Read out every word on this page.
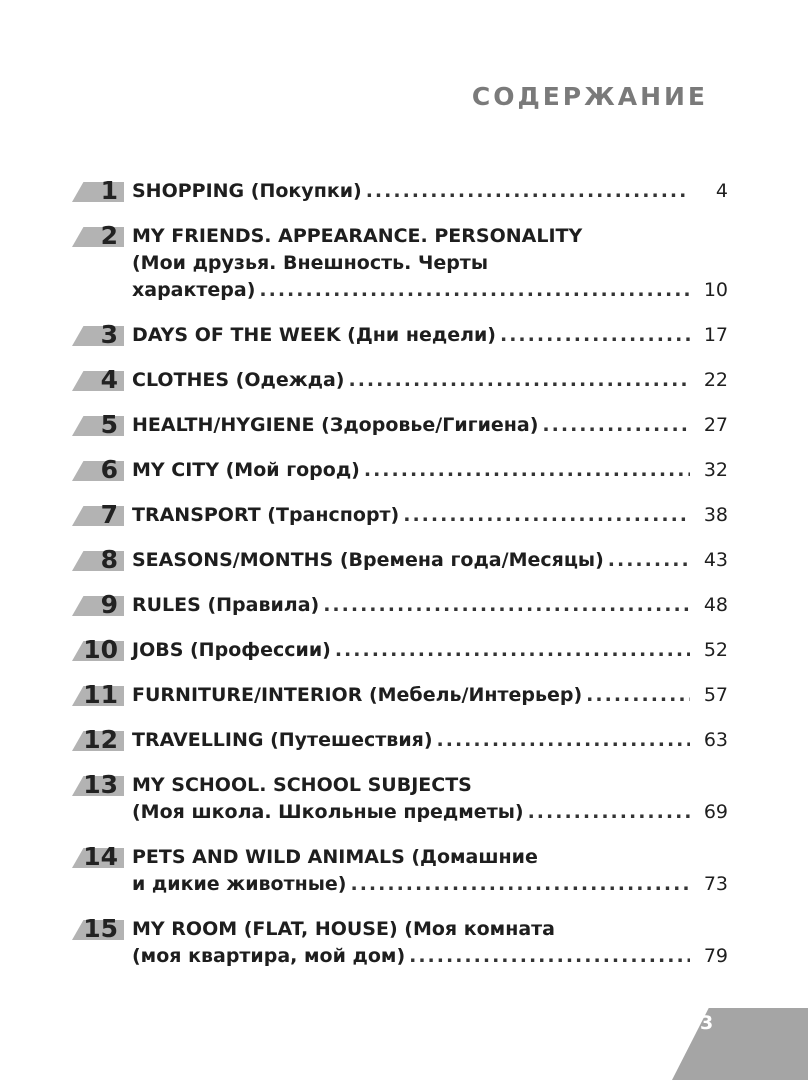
СОДЕРЖАНИЕ
1 SHOPPING (Покупки) .....	4
2 MY FRIENDS. APPEARANCE. PERSONALITY
(Мои друзья. Внешность. Черты
характера) .....	10
3 DAYS OF THE WEEK (Дни недели) .....	17
4 CLOTHES (Одежда) .....	22
5 HEALTH/HYGIENE (Здоровье/Гигиена) .....	27
6 MY CITY (Мой город) .....	32
7 TRANSPORT (Транспорт) .....	38
8 SEASONS/MONTHS (Времена года/Месяцы) .....	43
9 RULES (Правила) .....	48
10 JOBS (Профессии) .....	52
11 FURNITURE/INTERIOR (Мебель/Интерьер) .....	57
12 TRAVELLING (Путешествия) .....	63
13 MY SCHOOL. SCHOOL SUBJECTS
(Моя школа. Школьные предметы) .....	69
14 PETS AND WILD ANIMALS (Домашние
и дикие животные) .....	73
15 MY ROOM (FLAT, HOUSE) (Моя комната
(моя квартира, мой дом) .....	79
3
